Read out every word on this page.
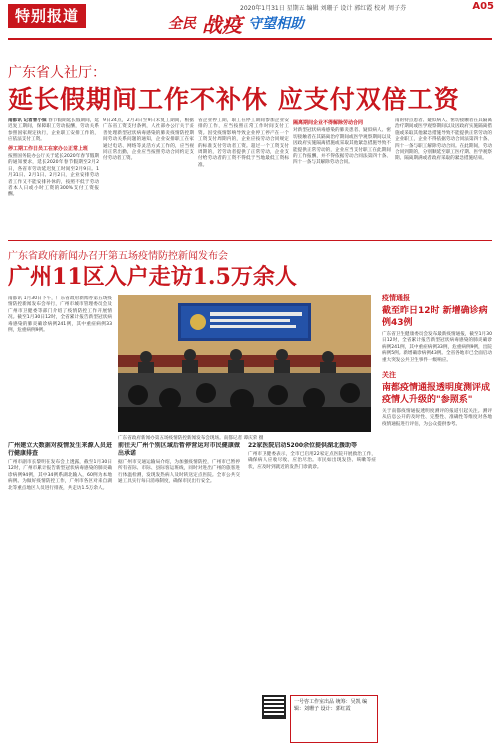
特别报道	2020年1月31日 星期五 编辑 刘珊子 设计 郭红霞 校对 周子芬	A05
全民 战疫 守望相助
广东省人社厅：
延长假期间工作不补休 应支付双倍工资

南都讯 记者曾小妹 春节假期延长假期间，延迟复工期间，保障职工劳动报酬，劳动关系参照国家规定执行，企业职工安排工作的，应依法支付工资。

停工期工作日员工在家办公正常上班

按照国务院办公厅关于延长2020年春节假期的通知要求，延长2020年春节假期至2月2日，各省市劳动延迟复工时间至2月9日。1月31日、2月1日、2月2日，企业安排劳动者工作又不能安排补休的，按照不低于劳动者本人日或小时工资的300%支付工资报酬。

9日24点，2月3日至9日未复工期间，根据广东省工资支付条例，人社部办公厅关于妥善处理新型冠状病毒感染的肺炎疫情防控期间劳动关系问题的通知，企业安排职工在家通过电话、网络等灵活方式工作的，应当视同正常出勤，企业应当按照劳动合同约定支付劳动者工资。

省企业停工期，职工在停工期间参加企业安排的工作，应当按照正常工作时间支付工资。因受疫情影响导致企业停工停产在一个工资支付周期内的，企业应按劳动合同规定的标准支付劳动者工资。超过一个工资支付周期的，若劳动者提供了正常劳动，企业支付给劳动者的工资不得低于当地最低工资标准。

隔离期间企业不得解除劳动合同

对新型冠状病毒感染的肺炎患者、疑似病人、密切接触者在其隔离治疗期间或医学观察期间以及因政府实施隔离措施或采取其他紧急措施导致不能提供正常劳动的，企业应当支付职工在此期间的工作报酬，并不得依据劳动合同法第四十条、四十一条与其解除劳动合同。

南的特点患者、疑似病人、密切接触者在其隔离治疗期间或医学观察期间以及因政府实施隔离措施或采取其他紧急措施导致不能提供正常劳动的企业职工，企业不得依据劳动合同法第四十条、四十一条与职工解除劳动合同。在此期间，劳动合同到期的，分别顺延至职工医疗期、医学观察期、隔离期满或者政府采取的紧急措施结束。

广东省政府新闻办召开第五场疫情防控新闻发布会
广州11区入户走访1.5万余人

南都讯 1月30日下午，广东省政府新闻办第五场疫情防控新闻发布会举行，广州市城市管理委员会及广州市卫健委等部门介绍了疫情防控工作开展情况。截至1月30日12时，全省累计报告新型冠状病毒感染的肺炎确诊病例241例，其中重症病例33例，危重病例9例。

广东省政府新闻办第五场疫情防控新闻发布会现场。南都记者 谭庆荣 摄

广州建立大数据对疫情发生来源人员进行健康排查

广州市副市长黎明在发布会上透露，截至1月30日12时，广州市累计报告新型冠状病毒感染的肺炎确诊病例94例，其中34例系湖北输入，60例为本地病例。为做好疫情防控工作，广州市各区对来自湖北等重点地区人员进行排查，共走访1.5万余人。

前往天广州个别区域后暂停营运对市民健康做出承诺

据广州市交通运输局介绍，为加强疫情防控，广州市已暂停所有省际、市际、县际客运班线，同时对进出广州的旅客进行体温检测，发现发热病人及时转送定点医院。全市公共交通工具实行每日消毒制度，确保市民出行安全。

22家医院启动5200余位提供湖北援助等

广州市卫健委表示，全市已启用22家定点医院开展救治工作，确保病人应收尽收、应治尽治。市民如出现发热、咳嗽等症状，应及时到就近的发热门诊就诊。

疫情通报
截至昨日12时 新增确诊病例43例
广东省卫生健康委员会发布最新疫情通报，截至1月30日12时，全省累计报告新型冠状病毒感染的肺炎确诊病例241例，其中重症病例33例，危重病例9例，出院病例5例。新增确诊病例43例。全省各地市已全面启动重大突发公共卫生事件一级响应。
关注
南都疫情通报透明度测评成疫情人升级的"参照系"
关于南都疫情通报透明度测评的报道引起关注。测评从信息公开的及时性、完整性、准确性等维度对各地疫情通报进行评估，为公众提供参考。
一号咨工作室出品 统筹：吴凯 编辑：刘珊子 设计：郭红霞
